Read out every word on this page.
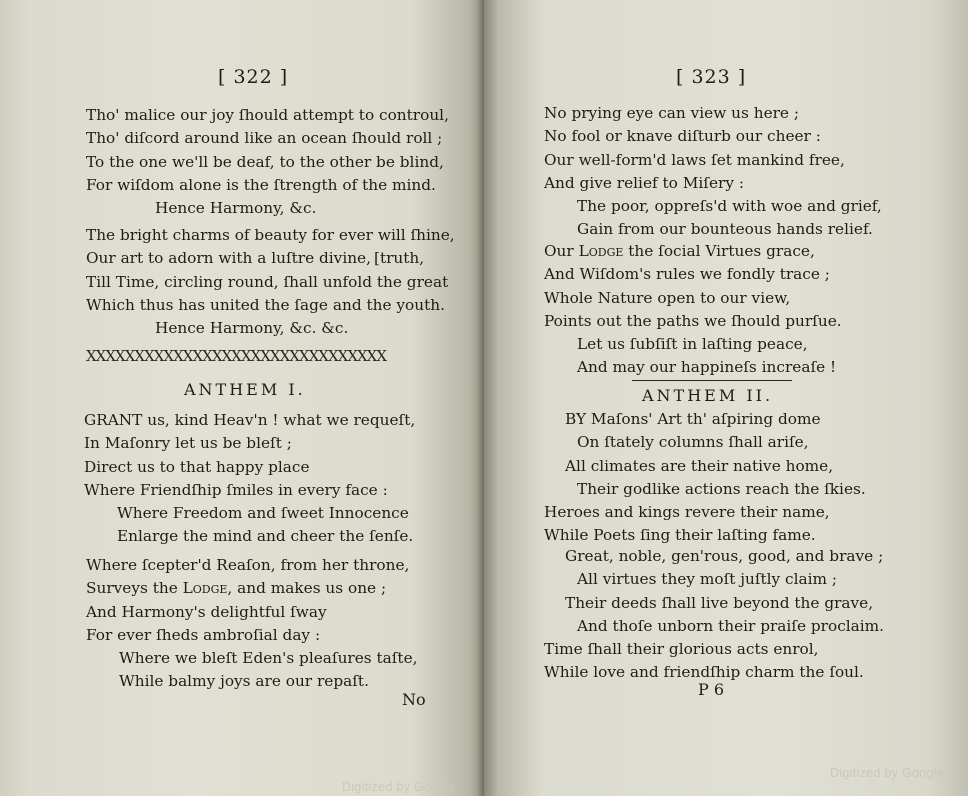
[ 322 ]
Tho' malice our joy ſhould attempt to controul,
Tho' diſcord around like an ocean ſhould roll ;
To the one we'll be deaf, to the other be blind,
For wiſdom alone is the ſtrength of the mind.
Hence Harmony, &c.
The bright charms of beauty for ever will ſhine,
Our art to adorn with a luſtre divine, [truth,
Till Time, circling round, ſhall unfold the great
Which thus has united the ſage and the youth.
Hence Harmony, &c. &c.
XXXXXXXXXXXXXXXXXXXXXXXXXXXXXXX
ANTHEM I.
GRANT us, kind Heav'n ! what we requeſt,
In Maſonry let us be bleſt ;
Direct us to that happy place
Where Friendſhip ſmiles in every face :
Where Freedom and ſweet Innocence
Enlarge the mind and cheer the ſenſe.
Where ſcepter'd Reaſon, from her throne,
Surveys the Lodge, and makes us one ;
And Harmony's delightful ſway
For ever ſheds ambroſial day :
Where we bleſt Eden's pleaſures taſte,
While balmy joys are our repaſt.
No
Digitized by Google
[ 323 ]
No prying eye can view us here ;
No fool or knave diſturb our cheer :
Our well-form'd laws ſet mankind free,
And give relief to Miſery :
The poor, oppreſs'd with woe and grief,
Gain from our bounteous hands relief.
Our Lodge the ſocial Virtues grace,
And Wiſdom's rules we fondly trace ;
Whole Nature open to our view,
Points out the paths we ſhould purſue.
Let us ſubſiſt in laſting peace,
And may our happineſs increaſe !
ANTHEM II.
BY Maſons' Art th' aſpiring dome
On ſtately columns ſhall ariſe,
All climates are their native home,
Their godlike actions reach the ſkies.
Heroes and kings revere their name,
While Poets ſing their laſting fame.
Great, noble, gen'rous, good, and brave ;
All virtues they moſt juſtly claim ;
Their deeds ſhall live beyond the grave,
And thoſe unborn their praiſe proclaim.
Time ſhall their glorious acts enrol,
While love and friendſhip charm the ſoul.
P 6
Digitized by Google
